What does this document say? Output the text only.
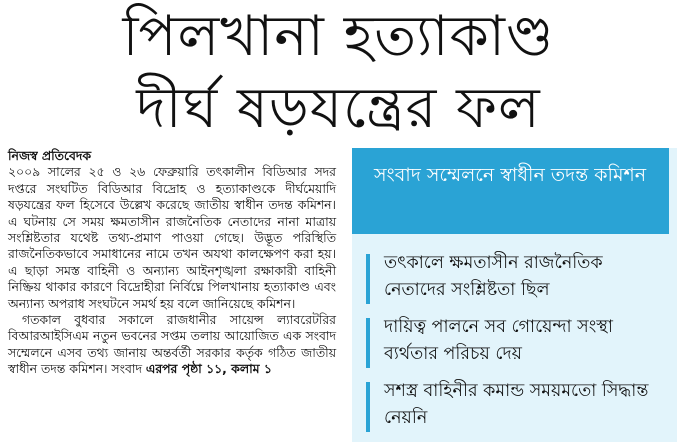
পিলখানা হত্যাকাণ্ড
দীর্ঘ ষড়যন্ত্রের ফল
নিজস্ব প্রতিবেদক

২০০৯ সালের ২৫ ও ২৬ ফেব্রুয়ারি তৎকালীন বিডিআর সদর দপ্তরে সংঘটিত বিডিআর বিদ্রোহ ও হত্যাকাণ্ডকে দীর্ঘমেয়াদি ষড়যন্ত্রের ফল হিসেবে উল্লেখ করেছে জাতীয় স্বাধীন তদন্ত কমিশন। এ ঘটনায় সে সময় ক্ষমতাসীন রাজনৈতিক নেতাদের নানা মাত্রায় সংশ্লিষ্টতার যথেষ্ট তথ্য-প্রমাণ পাওয়া গেছে। উদ্ভূত পরিস্থিতি রাজনৈতিকভাবে সমাধানের নামে তখন অযথা কালক্ষেপণ করা হয়। এ ছাড়া সমস্ত বাহিনী ও অন্যান্য আইনশৃঙ্খলা রক্ষাকারী বাহিনী নিষ্ক্রিয় থাকার কারণে বিদ্রোহীরা নির্বিঘ্নে পিলখানায় হত্যাকাণ্ড এবং অন্যান্য অপরাধ সংঘটনে সমর্থ হয় বলে জানিয়েছে কমিশন।

গতকাল বুধবার সকালে রাজধানীর সায়েন্স ল্যাবরেটরির বিআরআইসিএম নতুন ভবনের সপ্তম তলায় আয়োজিত এক সংবাদ সম্মেলনে এসব তথ্য জানায় অন্তর্বর্তী সরকার কর্তৃক গঠিত জাতীয় স্বাধীন তদন্ত কমিশন। সংবাদ এরপর পৃষ্ঠা ১১, কলাম ১

সংবাদ সম্মেলনে স্বাধীন তদন্ত কমিশন
তৎকালে ক্ষমতাসীন রাজনৈতিক নেতাদের সংশ্লিষ্টতা ছিল
দায়িত্ব পালনে সব গোয়েন্দা সংস্থা ব্যর্থতার পরিচয় দেয়
সশস্ত্র বাহিনীর কমান্ড সময়মতো সিদ্ধান্ত নেয়নি
